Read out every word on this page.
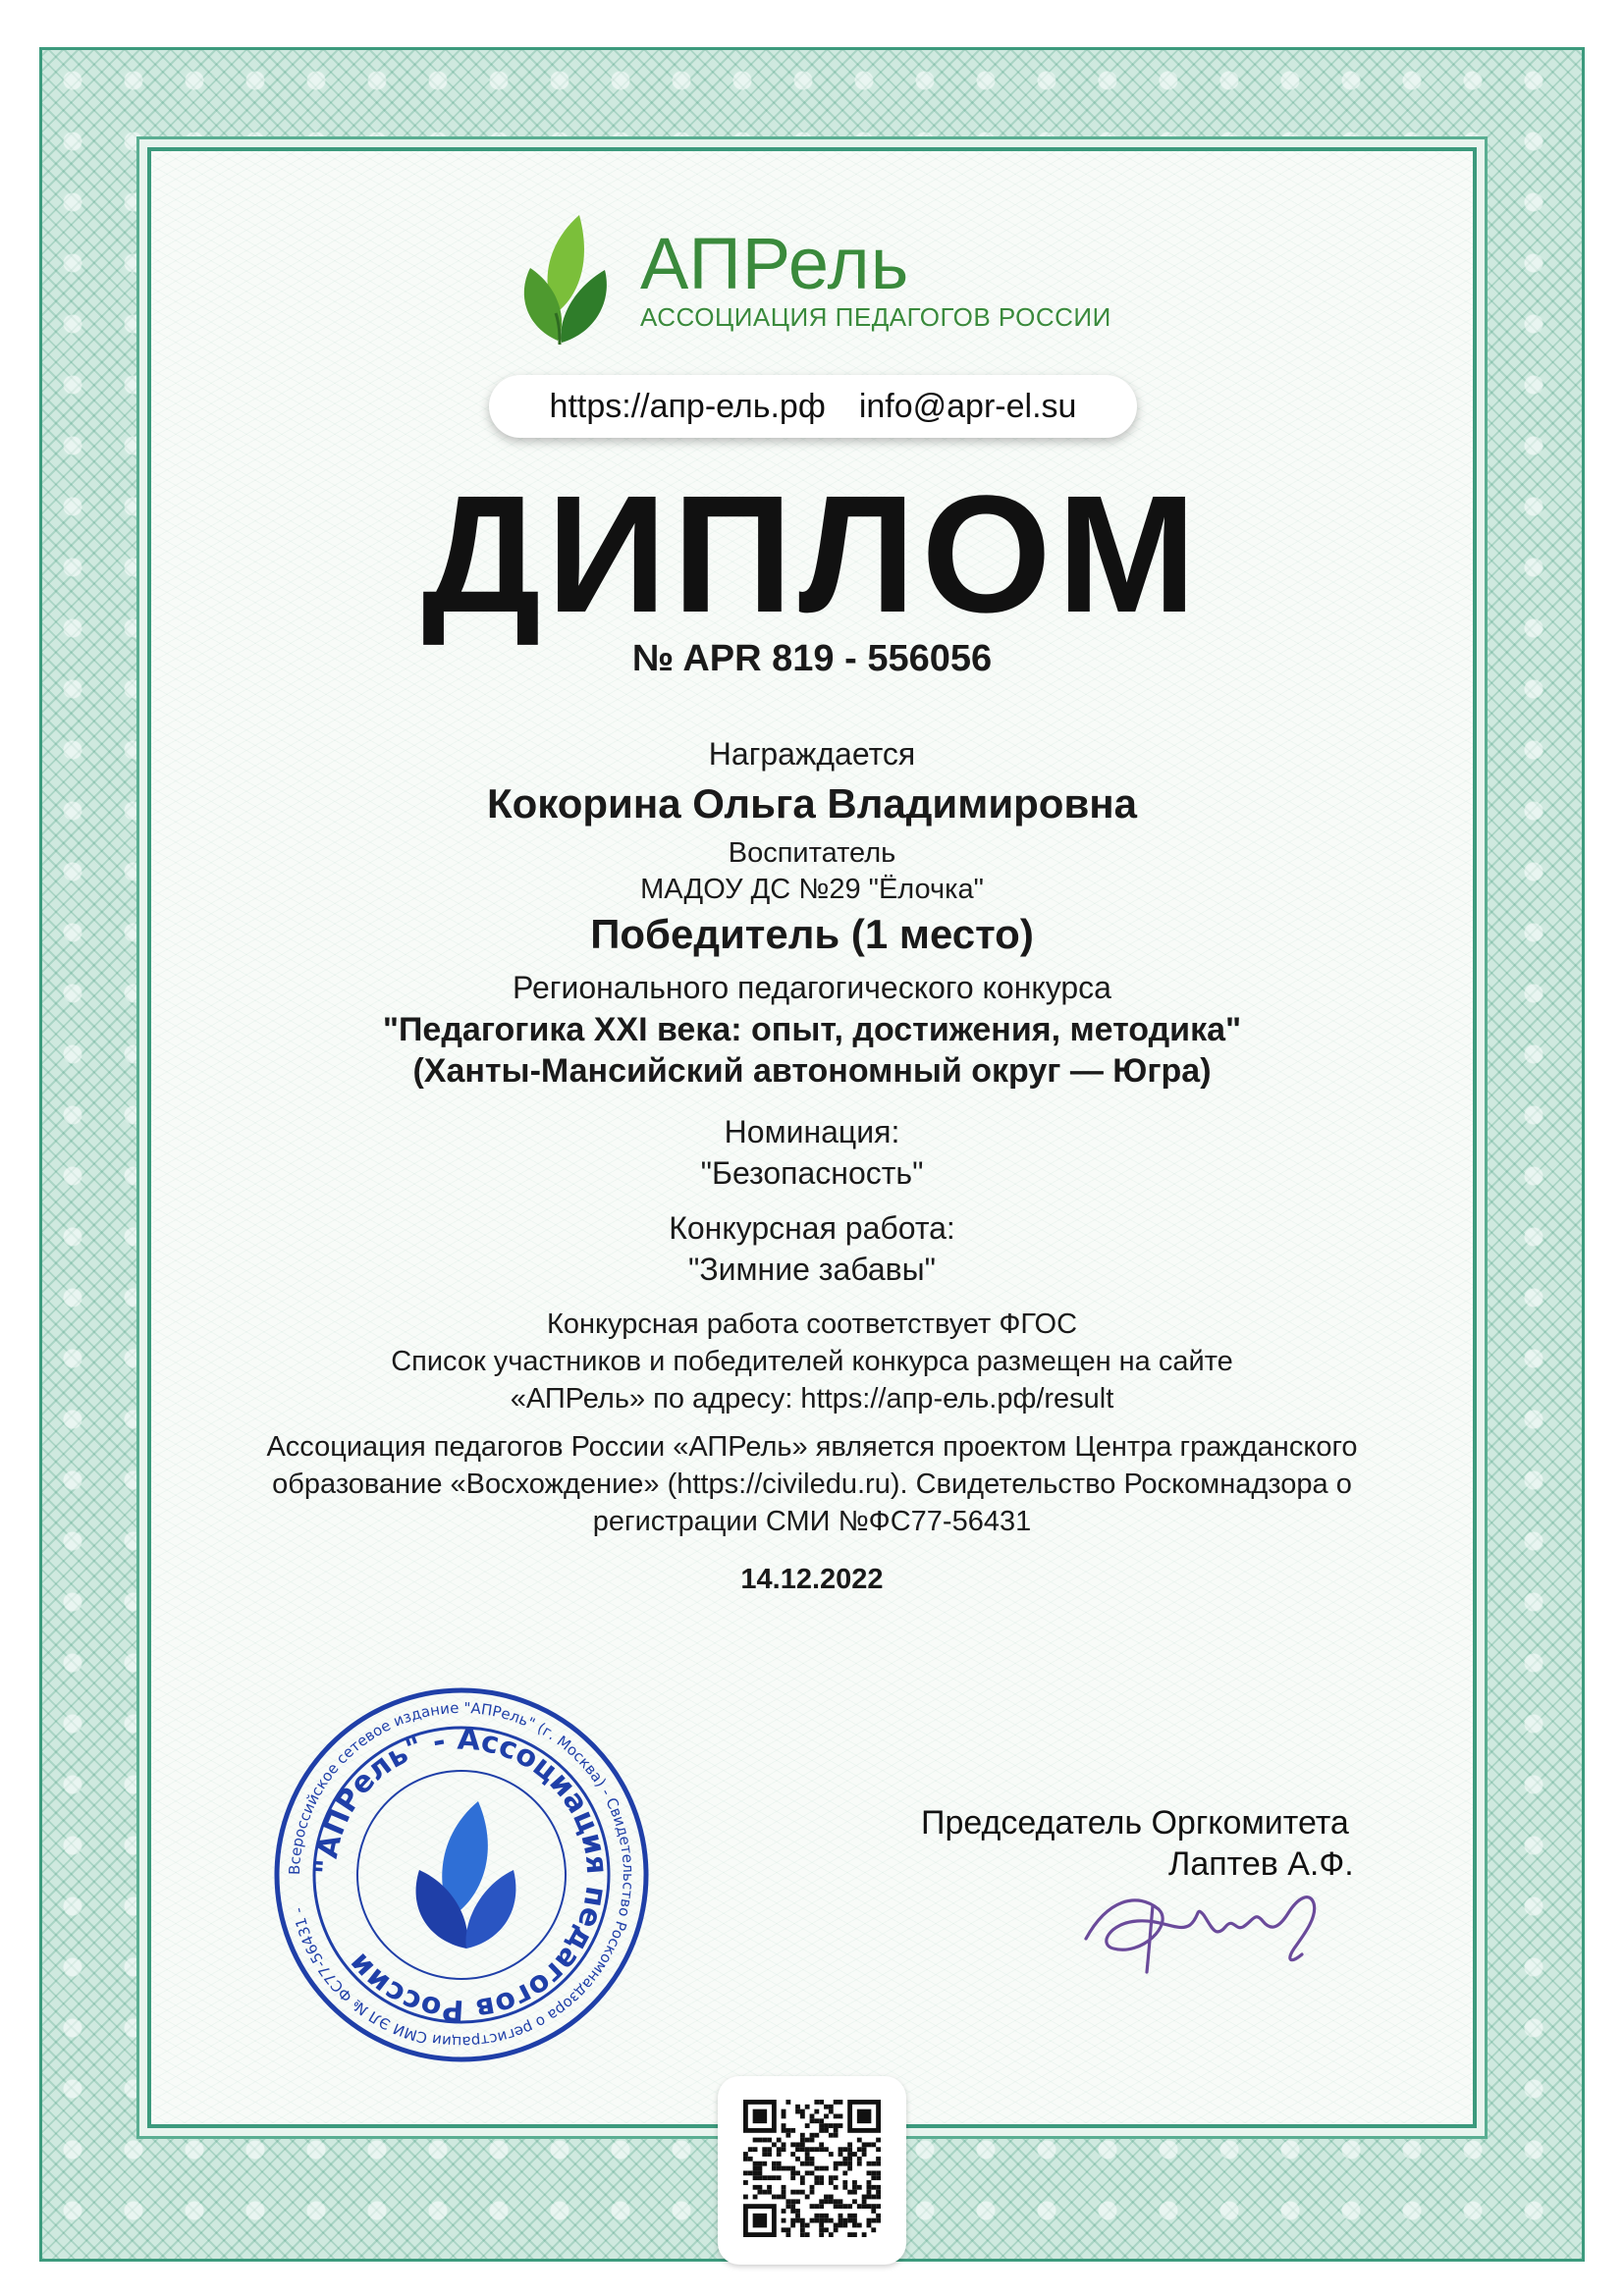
АПРель
АССОЦИАЦИЯ ПЕДАГОГОВ РОССИИ
https://апр-ель.рф info@apr-el.su
ДИПЛОМ
№ APR 819 - 556056
Награждается
Кокорина Ольга Владимировна
Воспитатель
МАДОУ ДС №29 "Ёлочка"
Победитель (1 место)
Регионального педагогического конкурса
"Педагогика XXI века: опыт, достижения, методика"
(Ханты-Мансийский автономный округ — Югра)
Номинация:
"Безопасность"
Конкурсная работа:
"Зимние забавы"
Конкурсная работа соответствует ФГОС
Список участников и победителей конкурса размещен на сайте
«АПРель» по адресу: https://апр-ель.рф/result
Ассоциация педагогов России «АПРель» является проектом Центра гражданского
образование «Восхождение» (https://civiledu.ru). Свидетельство Роскомнадзора о
регистрации СМИ №ФС77-56431
14.12.2022
Всероссийское сетевое издание "АПРель" (г. Москва) - Свидетельство Роскомнадзора о регистрации СМИ ЭЛ № ФС77-56431 -
"АПРель" - Ассоциация педагогов России
Председатель Оргкомитета
Лаптев А.Ф.
